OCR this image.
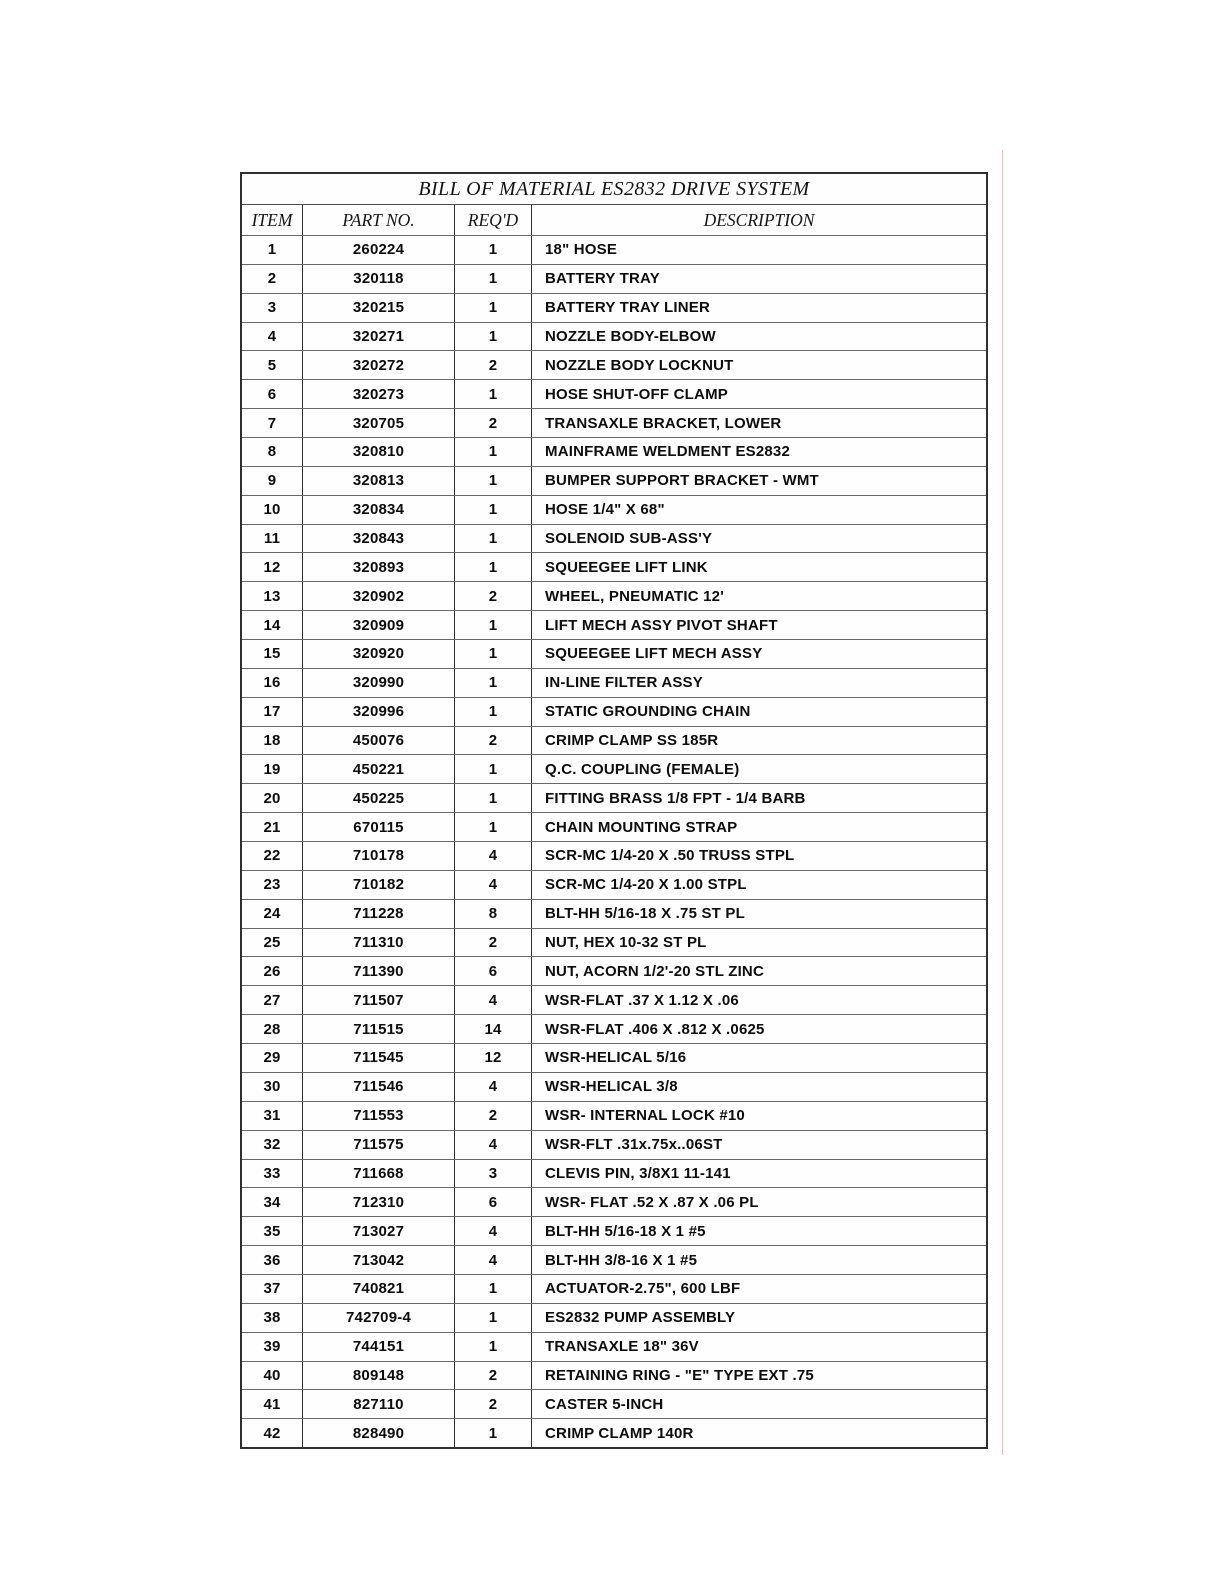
BILL OF MATERIAL ES2832 DRIVE SYSTEM
ITEM	PART NO.	REQ'D	DESCRIPTION
1	260224	1	18" HOSE
2	320118	1	BATTERY TRAY
3	320215	1	BATTERY TRAY LINER
4	320271	1	NOZZLE BODY-ELBOW
5	320272	2	NOZZLE BODY LOCKNUT
6	320273	1	HOSE SHUT-OFF CLAMP
7	320705	2	TRANSAXLE BRACKET, LOWER
8	320810	1	MAINFRAME WELDMENT ES2832
9	320813	1	BUMPER SUPPORT BRACKET - WMT
10	320834	1	HOSE 1/4" X 68"
11	320843	1	SOLENOID SUB-ASS'Y
12	320893	1	SQUEEGEE LIFT LINK
13	320902	2	WHEEL, PNEUMATIC 12'
14	320909	1	LIFT MECH ASSY PIVOT SHAFT
15	320920	1	SQUEEGEE LIFT MECH ASSY
16	320990	1	IN-LINE FILTER ASSY
17	320996	1	STATIC GROUNDING CHAIN
18	450076	2	CRIMP CLAMP SS 185R
19	450221	1	Q.C. COUPLING (FEMALE)
20	450225	1	FITTING BRASS 1/8 FPT - 1/4 BARB
21	670115	1	CHAIN MOUNTING STRAP
22	710178	4	SCR-MC 1/4-20 X .50 TRUSS STPL
23	710182	4	SCR-MC 1/4-20 X 1.00 STPL
24	711228	8	BLT-HH 5/16-18 X .75 ST PL
25	711310	2	NUT, HEX 10-32 ST PL
26	711390	6	NUT, ACORN 1/2'-20 STL ZINC
27	711507	4	WSR-FLAT .37 X 1.12 X .06
28	711515	14	WSR-FLAT .406 X .812 X .0625
29	711545	12	WSR-HELICAL 5/16
30	711546	4	WSR-HELICAL 3/8
31	711553	2	WSR- INTERNAL LOCK #10
32	711575	4	WSR-FLT .31x.75x..06ST
33	711668	3	CLEVIS PIN, 3/8X1 11-141
34	712310	6	WSR- FLAT .52 X .87 X .06 PL
35	713027	4	BLT-HH 5/16-18 X 1 #5
36	713042	4	BLT-HH 3/8-16 X 1 #5
37	740821	1	ACTUATOR-2.75", 600 LBF
38	742709-4	1	ES2832 PUMP ASSEMBLY
39	744151	1	TRANSAXLE 18" 36V
40	809148	2	RETAINING RING - "E" TYPE EXT .75
41	827110	2	CASTER 5-INCH
42	828490	1	CRIMP CLAMP 140R
